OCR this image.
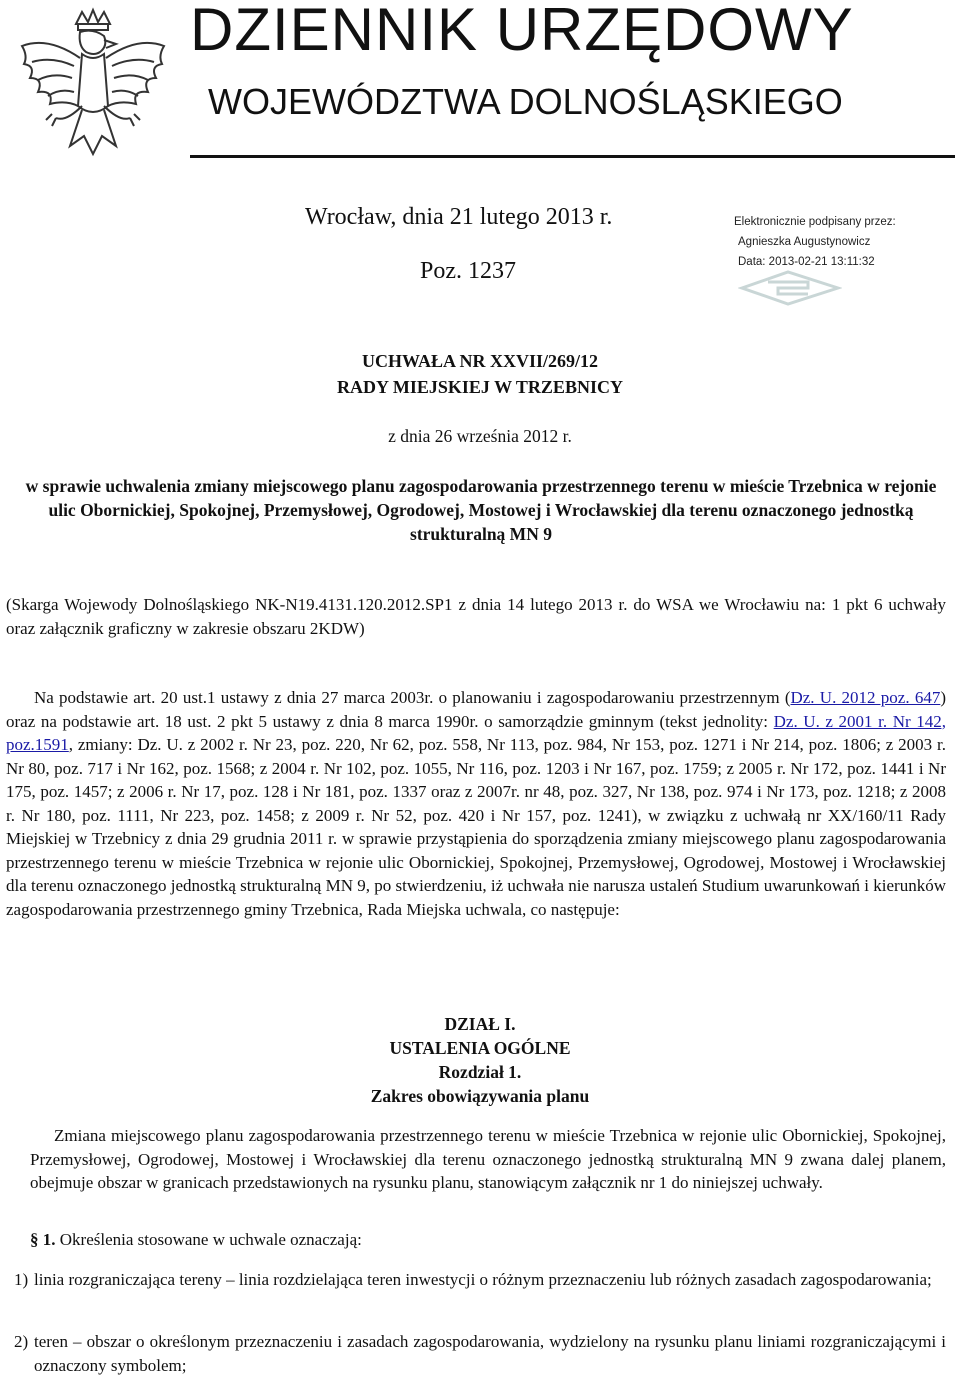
DZIENNIK URZĘDOWY
WOJEWÓDZTWA DOLNOŚLĄSKIEGO
Wrocław, dnia 21 lutego 2013 r.
Poz. 1237
Elektronicznie podpisany przez:
Agnieszka Augustynowicz
Data: 2013-02-21 13:11:32
UCHWAŁA NR XXVII/269/12
RADY MIEJSKIEJ W TRZEBNICY
z dnia 26 września 2012 r.
w sprawie uchwalenia zmiany miejscowego planu zagospodarowania przestrzennego terenu w mieście Trzebnica w rejonie ulic Obornickiej, Spokojnej, Przemysłowej, Ogrodowej, Mostowej i Wrocławskiej dla terenu oznaczonego jednostką strukturalną MN 9
(Skarga Wojewody Dolnośląskiego NK-N19.4131.120.2012.SP1 z dnia 14 lutego 2013 r. do WSA we Wrocławiu na: 1 pkt 6 uchwały oraz załącznik graficzny w zakresie obszaru 2KDW)
Na podstawie art. 20 ust.1 ustawy z dnia 27 marca 2003r. o planowaniu i zagospodarowaniu przestrzennym (Dz. U. 2012 poz. 647) oraz na podstawie art. 18 ust. 2 pkt 5 ustawy z dnia 8 marca 1990r. o samorządzie gminnym (tekst jednolity: Dz. U. z 2001 r. Nr 142, poz.1591, zmiany: Dz. U. z 2002 r. Nr 23, poz. 220, Nr 62, poz. 558, Nr 113, poz. 984, Nr 153, poz. 1271 i Nr 214, poz. 1806; z 2003 r. Nr 80, poz. 717 i Nr 162, poz. 1568; z 2004 r. Nr 102, poz. 1055, Nr 116, poz. 1203 i Nr 167, poz. 1759; z 2005 r. Nr 172, poz. 1441 i Nr 175, poz. 1457; z 2006 r. Nr 17, poz. 128 i Nr 181, poz. 1337 oraz z 2007r. nr 48, poz. 327, Nr 138, poz. 974 i Nr 173, poz. 1218; z 2008 r. Nr 180, poz. 1111, Nr 223, poz. 1458; z 2009 r. Nr 52, poz. 420 i Nr 157, poz. 1241), w związku z uchwałą nr XX/160/11 Rady Miejskiej w Trzebnicy z dnia 29 grudnia 2011 r. w sprawie przystąpienia do sporządzenia zmiany miejscowego planu zagospodarowania przestrzennego terenu w mieście Trzebnica w rejonie ulic Obornickiej, Spokojnej, Przemysłowej, Ogrodowej, Mostowej i Wrocławskiej dla terenu oznaczonego jednostką strukturalną MN 9, po stwierdzeniu, iż uchwała nie narusza ustaleń Studium uwarunkowań i kierunków zagospodarowania przestrzennego gminy Trzebnica, Rada Miejska uchwala, co następuje:
DZIAŁ I.
USTALENIA OGÓLNE
Rozdział 1.
Zakres obowiązywania planu
Zmiana miejscowego planu zagospodarowania przestrzennego terenu w mieście Trzebnica w rejonie ulic Obornickiej, Spokojnej, Przemysłowej, Ogrodowej, Mostowej i Wrocławskiej dla terenu oznaczonego jednostką strukturalną MN 9 zwana dalej planem, obejmuje obszar w granicach przedstawionych na rysunku planu, stanowiącym załącznik nr 1 do niniejszej uchwały.
§ 1. Określenia stosowane w uchwale oznaczają:
1) linia rozgraniczająca tereny – linia rozdzielająca teren inwestycji o różnym przeznaczeniu lub różnych zasadach zagospodarowania;
2) teren – obszar o określonym przeznaczeniu i zasadach zagospodarowania, wydzielony na rysunku planu liniami rozgraniczającymi i oznaczony symbolem;
